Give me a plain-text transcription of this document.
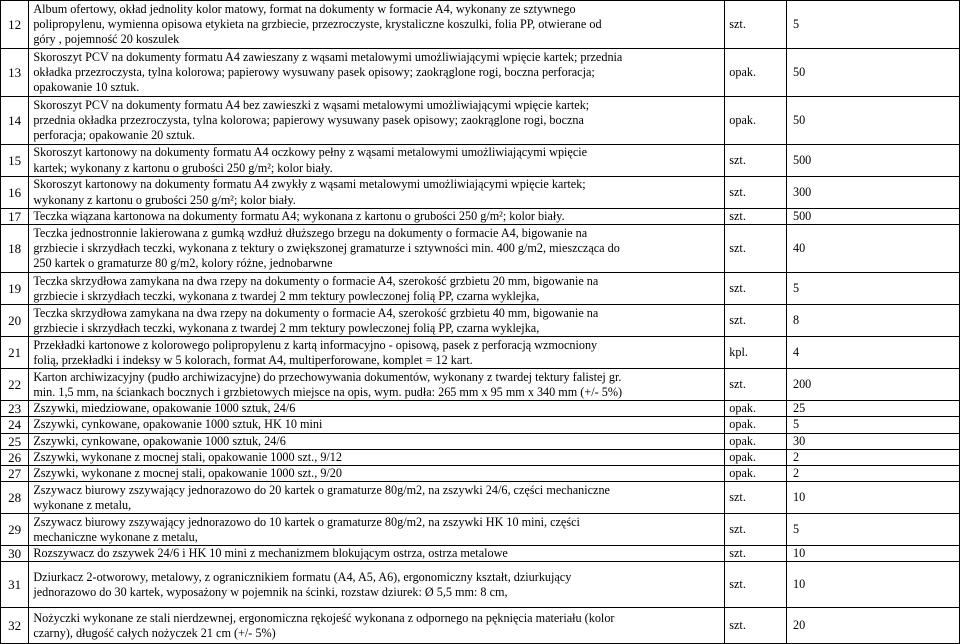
12	Album ofertowy, okład jednolity kolor matowy, format na dokumenty w formacie A4, wykonany ze sztywnego
polipropylenu, wymienna opisowa etykieta na grzbiecie, przezroczyste, krystaliczne koszulki, folia PP, otwierane od
góry , pojemność 20 koszulek	szt.	5
13	Skoroszyt PCV na dokumenty formatu A4 zawieszany z wąsami metalowymi umożliwiającymi wpięcie kartek; przednia
okładka przezroczysta, tylna kolorowa; papierowy wysuwany pasek opisowy; zaokrąglone rogi, boczna perforacja;
opakowanie 10 sztuk.	opak.	50
14	Skoroszyt PCV na dokumenty formatu A4 bez zawieszki z wąsami metalowymi umożliwiającymi wpięcie kartek;
przednia okładka przezroczysta, tylna kolorowa; papierowy wysuwany pasek opisowy; zaokrąglone rogi, boczna
perforacja; opakowanie 20 sztuk.	opak.	50
15	Skoroszyt kartonowy na dokumenty formatu A4 oczkowy pełny z wąsami metalowymi umożliwiającymi wpięcie
kartek; wykonany z kartonu o grubości 250 g/m²; kolor biały.	szt.	500
16	Skoroszyt kartonowy na dokumenty formatu A4 zwykły z wąsami metalowymi umożliwiającymi wpięcie kartek;
wykonany z kartonu o grubości 250 g/m²; kolor biały.	szt.	300
17	Teczka wiązana kartonowa na dokumenty formatu A4; wykonana z kartonu o grubości 250 g/m²; kolor biały.	szt.	500
18	Teczka jednostronnie lakierowana z gumką wzdłuż dłuższego brzegu na dokumenty o formacie A4, bigowanie na
grzbiecie i skrzydłach teczki, wykonana z tektury o zwiększonej gramaturze i sztywności min. 400 g/m2, mieszcząca do
250 kartek o gramaturze 80 g/m2, kolory różne, jednobarwne	szt.	40
19	Teczka skrzydłowa zamykana na dwa rzepy na dokumenty o formacie A4, szerokość grzbietu 20 mm, bigowanie na
grzbiecie i skrzydłach teczki, wykonana z twardej 2 mm tektury powleczonej folią PP, czarna wyklejka,	szt.	5
20	Teczka skrzydłowa zamykana na dwa rzepy na dokumenty o formacie A4, szerokość grzbietu 40 mm, bigowanie na
grzbiecie i skrzydłach teczki, wykonana z twardej 2 mm tektury powleczonej folią PP, czarna wyklejka,	szt.	8
21	Przekładki kartonowe z kolorowego polipropylenu z kartą informacyjno - opisową, pasek z perforacją wzmocniony
folią, przekładki i indeksy w 5 kolorach, format A4, multiperforowane, komplet = 12 kart.	kpl.	4
22	Karton archiwizacyjny (pudło archiwizacyjne) do przechowywania dokumentów, wykonany z twardej tektury falistej gr.
min. 1,5 mm, na ściankach bocznych i grzbietowych miejsce na opis, wym. pudła: 265 mm x 95 mm x 340 mm (+/- 5%)	szt.	200
23	Zszywki, miedziowane, opakowanie 1000 sztuk, 24/6	opak.	25
24	Zszywki, cynkowane, opakowanie 1000 sztuk, HK 10 mini	opak.	5
25	Zszywki, cynkowane, opakowanie 1000 sztuk, 24/6	opak.	30
26	Zszywki, wykonane z mocnej stali, opakowanie 1000 szt., 9/12	opak.	2
27	Zszywki, wykonane z mocnej stali, opakowanie 1000 szt., 9/20	opak.	2
28	Zszywacz biurowy zszywający jednorazowo do 20 kartek o gramaturze 80g/m2, na zszywki 24/6, części mechaniczne
wykonane z metalu,	szt.	10
29	Zszywacz biurowy zszywający jednorazowo do 10 kartek o gramaturze 80g/m2, na zszywki HK 10 mini, części
mechaniczne wykonane z metalu,	szt.	5
30	Rozszywacz do zszywek 24/6 i HK 10 mini z mechanizmem blokującym ostrza, ostrza metalowe	szt.	10
31	Dziurkacz 2-otworowy, metalowy, z ogranicznikiem formatu (A4, A5, A6), ergonomiczny kształt, dziurkujący
jednorazowo do 30 kartek, wyposażony w pojemnik na ścinki, rozstaw dziurek: Ø 5,5 mm: 8 cm,	szt.	10
32	Nożyczki wykonane ze stali nierdzewnej, ergonomiczna rękojeść wykonana z odpornego na pęknięcia materiału (kolor
czarny), długość całych nożyczek 21 cm (+/- 5%)	szt.	20
